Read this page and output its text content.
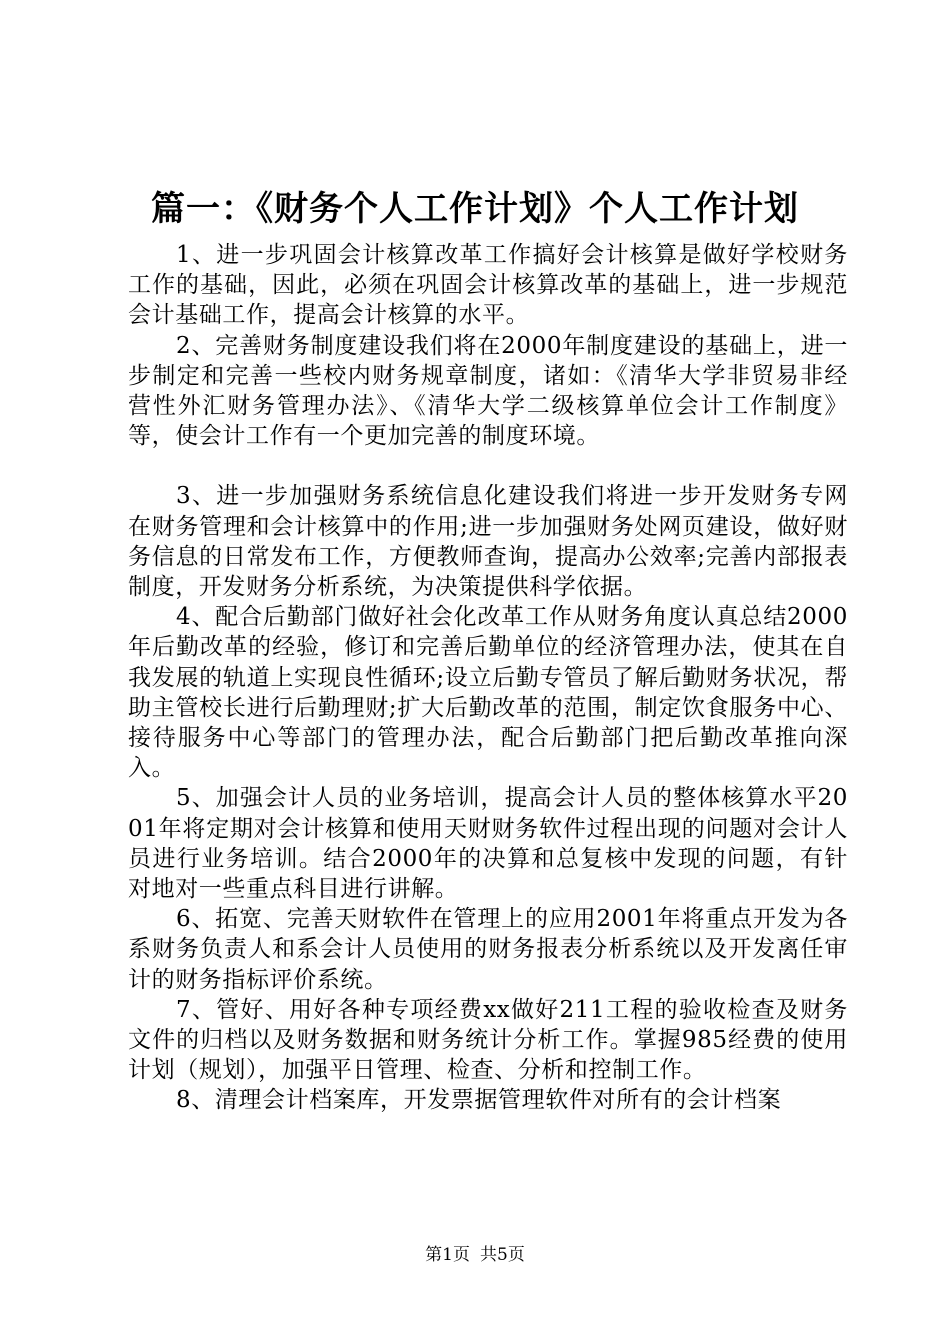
篇一：《财务个人工作计划》个人工作计划

1、进一步巩固会计核算改革工作搞好会计核算是做好学校财务工作的基础，因此，必须在巩固会计核算改革的基础上，进一步规范会计基础工作，提高会计核算的水平。

2、完善财务制度建设我们将在2000年制度建设的基础上，进一步制定和完善一些校内财务规章制度，诸如：《清华大学非贸易非经营性外汇财务管理办法》、《清华大学二级核算单位会计工作制度》等，使会计工作有一个更加完善的制度环境。

3、进一步加强财务系统信息化建设我们将进一步开发财务专网在财务管理和会计核算中的作用;进一步加强财务处网页建设，做好财务信息的日常发布工作，方便教师查询，提高办公效率;完善内部报表制度，开发财务分析系统，为决策提供科学依据。

4、配合后勤部门做好社会化改革工作从财务角度认真总结2000年后勤改革的经验，修订和完善后勤单位的经济管理办法，使其在自我发展的轨道上实现良性循环;设立后勤专管员了解后勤财务状况，帮助主管校长进行后勤理财;扩大后勤改革的范围，制定饮食服务中心、接待服务中心等部门的管理办法，配合后勤部门把后勤改革推向深入。

5、加强会计人员的业务培训，提高会计人员的整体核算水平2001年将定期对会计核算和使用天财财务软件过程出现的问题对会计人员进行业务培训。结合2000年的决算和总复核中发现的问题，有针对地对一些重点科目进行讲解。

6、拓宽、完善天财软件在管理上的应用2001年将重点开发为各系财务负责人和系会计人员使用的财务报表分析系统以及开发离任审计的财务指标评价系统。

7、管好、用好各种专项经费xx做好211工程的验收检查及财务文件的归档以及财务数据和财务统计分析工作。掌握985经费的使用计划（规划），加强平日管理、检查、分析和控制工作。

8、清理会计档案库，开发票据管理软件对所有的会计档案

第1页 共5页
